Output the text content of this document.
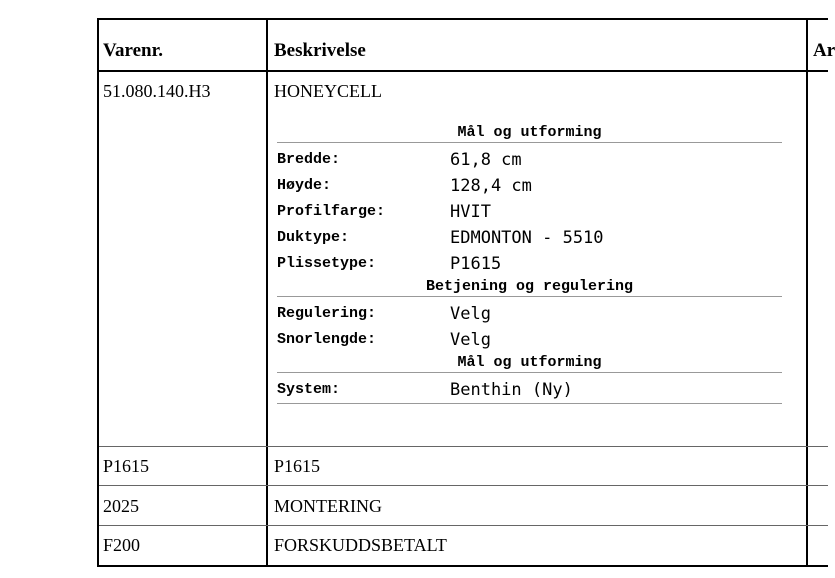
Varenr.	Beskrivelse	Ar
51.080.140.H3	HONEYCELL
Mål og utforming
Bredde:	61,8 cm
Høyde:	128,4 cm
Profilfarge:	HVIT
Duktype:	EDMONTON - 5510
Plissetype:	P1615
Betjening og regulering
Regulering:	Velg
Snorlengde:	Velg
Mål og utforming
System:	Benthin (Ny)
P1615	P1615
2025	MONTERING
F200	FORSKUDDSBETALT
